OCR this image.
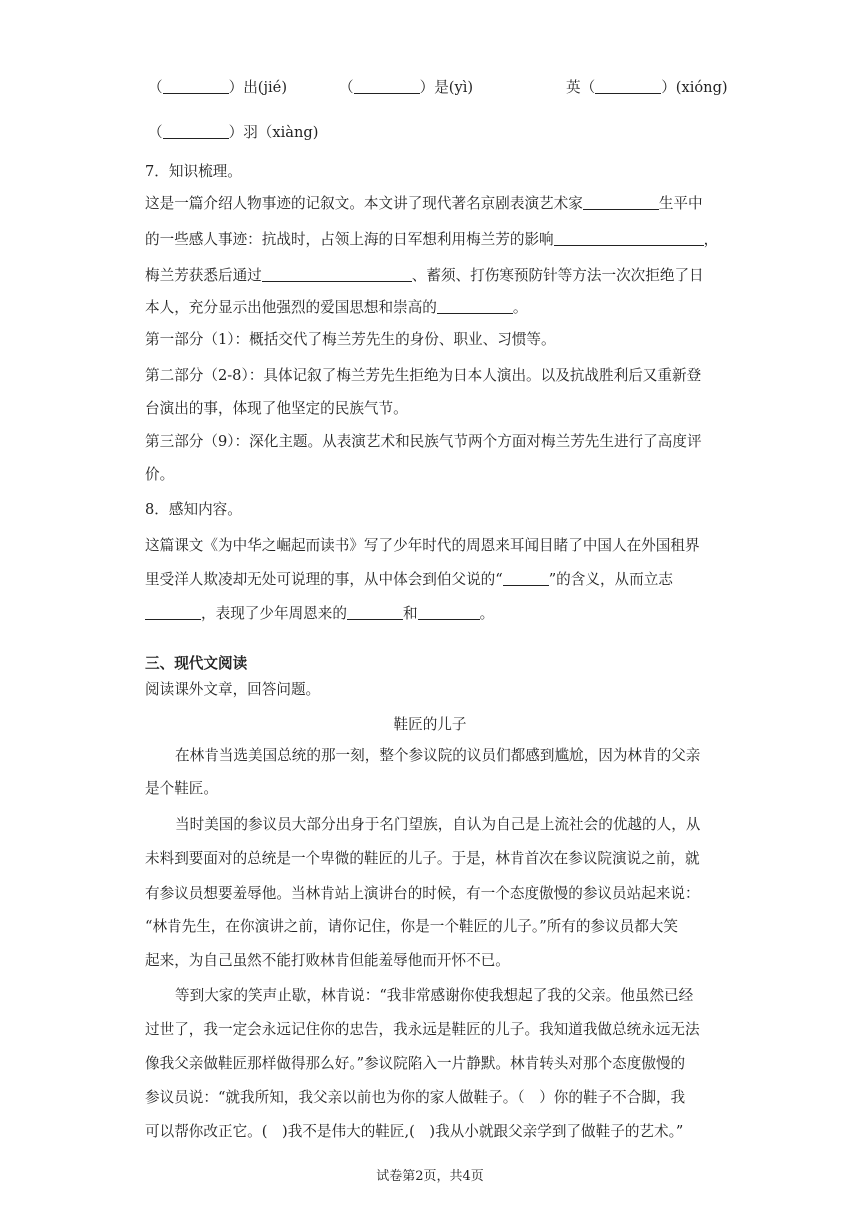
（	）出(jié)	（	）是(yì)	英（	）(xióng)
（	）羽（xiàng)
7．知识梳理。
这是一篇介绍人物事迹的记叙文。本文讲了现代著名京剧表演艺术家	生平中
的一些感人事迹：抗战时，占领上海的日军想利用梅兰芳的影响	，
梅兰芳获悉后通过	、蓄须、打伤寒预防针等方法一次次拒绝了日
本人，充分显示出他强烈的爱国思想和崇高的	。
第一部分（1）：概括交代了梅兰芳先生的身份、职业、习惯等。
第二部分（2-8）：具体记叙了梅兰芳先生拒绝为日本人演出。以及抗战胜利后又重新登
台演出的事，体现了他坚定的民族气节。
第三部分（9）：深化主题。从表演艺术和民族气节两个方面对梅兰芳先生进行了高度评
价。
8．感知内容。
这篇课文《为中华之崛起而读书》写了少年时代的周恩来耳闻目睹了中国人在外国租界
里受洋人欺凌却无处可说理的事，从中体会到伯父说的“	”的含义，从而立志
，表现了少年周恩来的	和	。
三、现代文阅读
阅读课外文章，回答问题。
鞋匠的儿子
在林肯当选美国总统的那一刻，整个参议院的议员们都感到尴尬，因为林肯的父亲
是个鞋匠。
当时美国的参议员大部分出身于名门望族，自认为自己是上流社会的优越的人，从
未料到要面对的总统是一个卑微的鞋匠的儿子。于是，林肯首次在参议院演说之前，就
有参议员想要羞辱他。当林肯站上演讲台的时候，有一个态度傲慢的参议员站起来说：
“林肯先生，在你演讲之前，请你记住，你是一个鞋匠的儿子。”所有的参议员都大笑
起来，为自己虽然不能打败林肯但能羞辱他而开怀不已。
等到大家的笑声止歇，林肯说：“我非常感谢你使我想起了我的父亲。他虽然已经
过世了，我一定会永远记住你的忠告，我永远是鞋匠的儿子。我知道我做总统永远无法
像我父亲做鞋匠那样做得那么好。”参议院陷入一片静默。林肯转头对那个态度傲慢的
参议员说：“就我所知，我父亲以前也为你的家人做鞋子。（　）你的鞋子不合脚，我
可以帮你改正它。(　)我不是伟大的鞋匠,(　)我从小就跟父亲学到了做鞋子的艺术。”
试卷第2页，共4页
